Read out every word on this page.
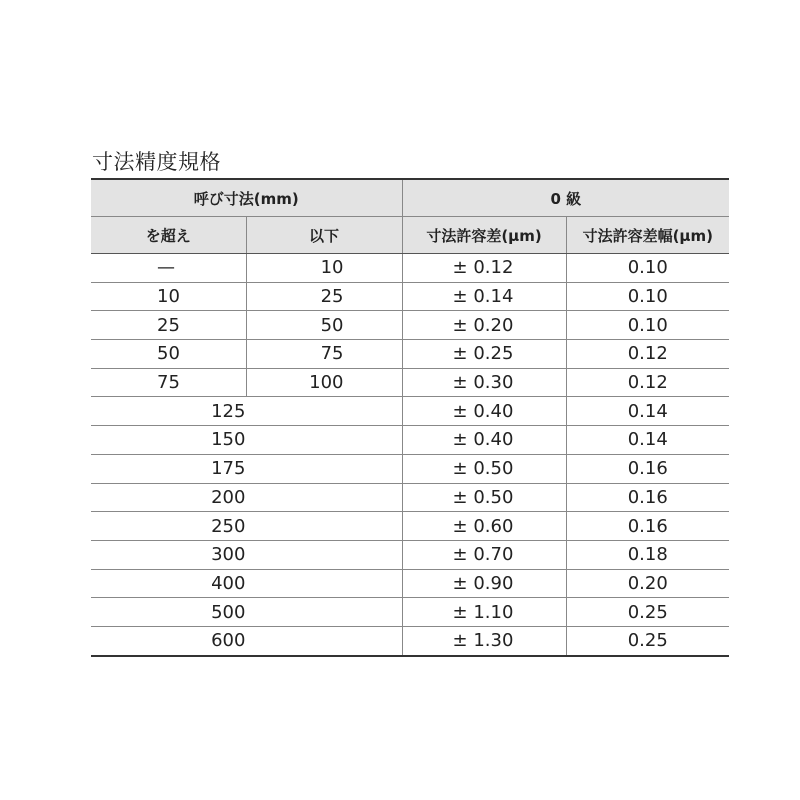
寸法精度規格
呼び寸法(mm)		0 級	
を超え	以下	寸法許容差(μm)	寸法許容差幅(μm)
—	10	± 0.12	0.10
10	25	± 0.14	0.10
25	50	± 0.20	0.10
50	75	± 0.25	0.12
75	100	± 0.30	0.12
125		± 0.40	0.14
150		± 0.40	0.14
175		± 0.50	0.16
200		± 0.50	0.16
250		± 0.60	0.16
300		± 0.70	0.18
400		± 0.90	0.20
500		± 1.10	0.25
600		± 1.30	0.25
